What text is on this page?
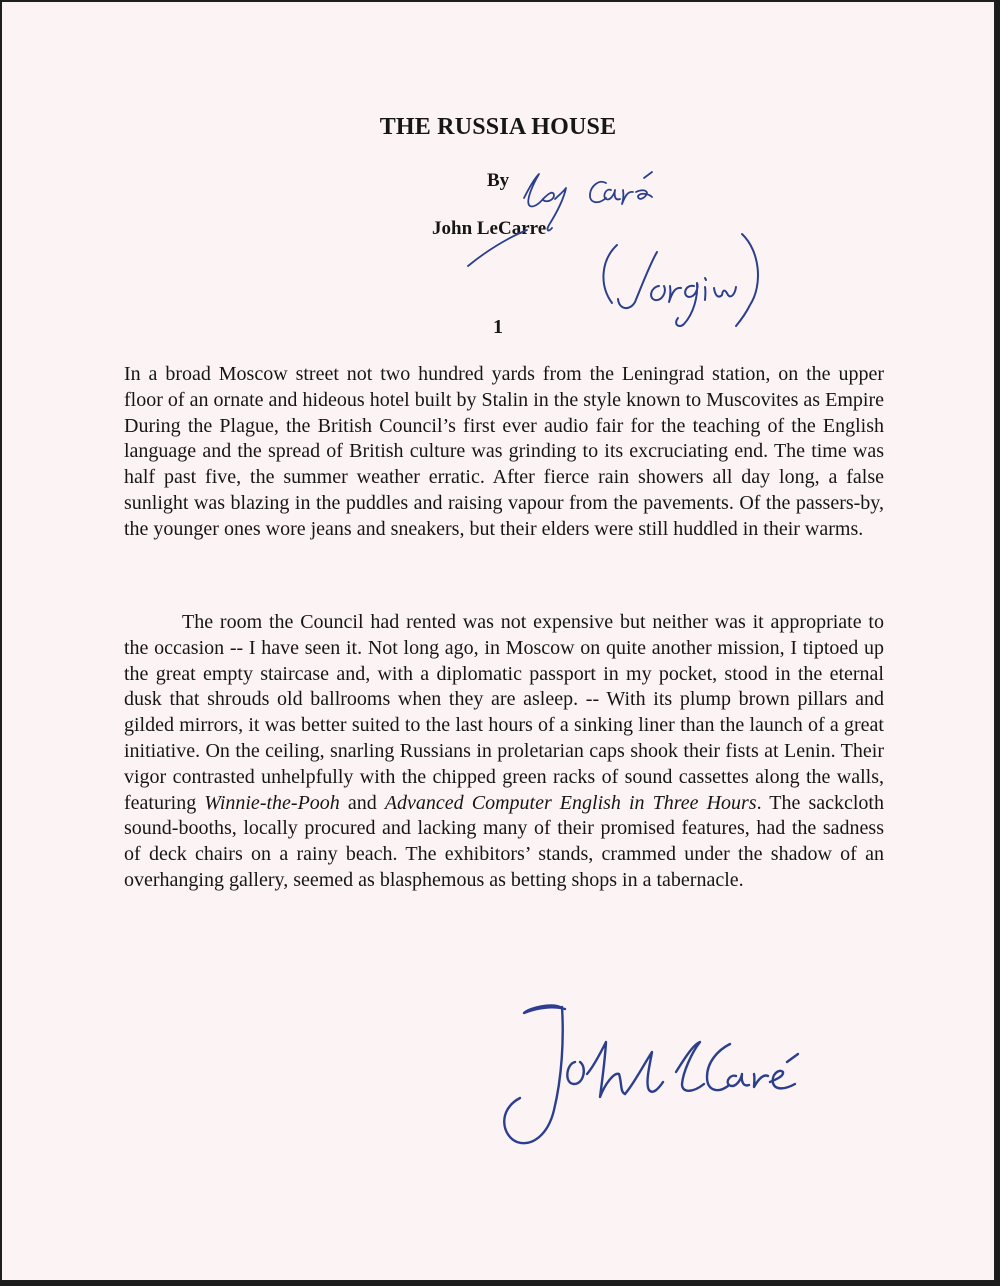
THE RUSSIA HOUSE
By
John LeCarre
1

In a broad Moscow street not two hundred yards from the Leningrad station, on the upper floor of an ornate and hideous hotel built by Stalin in the style known to Muscovites as Empire During the Plague, the British Council’s first ever audio fair for the teaching of the English language and the spread of British culture was grinding to its excruciating end. The time was half past five, the summer weather erratic. After fierce rain showers all day long, a false sunlight was blazing in the puddles and raising vapour from the pavements. Of the passers-by, the younger ones wore jeans and sneakers, but their elders were still huddled in their warms.

The room the Council had rented was not expensive but neither was it appropriate to the occasion -- I have seen it. Not long ago, in Moscow on quite another mission, I tiptoed up the great empty staircase and, with a diplomatic passport in my pocket, stood in the eternal dusk that shrouds old ballrooms when they are asleep. -- With its plump brown pillars and gilded mirrors, it was better suited to the last hours of a sinking liner than the launch of a great initiative. On the ceiling, snarling Russians in proletarian caps shook their fists at Lenin. Their vigor contrasted unhelpfully with the chipped green racks of sound cassettes along the walls, featuring Winnie-the-Pooh and Advanced Computer English in Three Hours. The sackcloth sound-booths, locally procured and lacking many of their promised features, had the sadness of deck chairs on a rainy beach. The exhibitors’ stands, crammed under the shadow of an overhanging gallery, seemed as blasphemous as betting shops in a tabernacle.
